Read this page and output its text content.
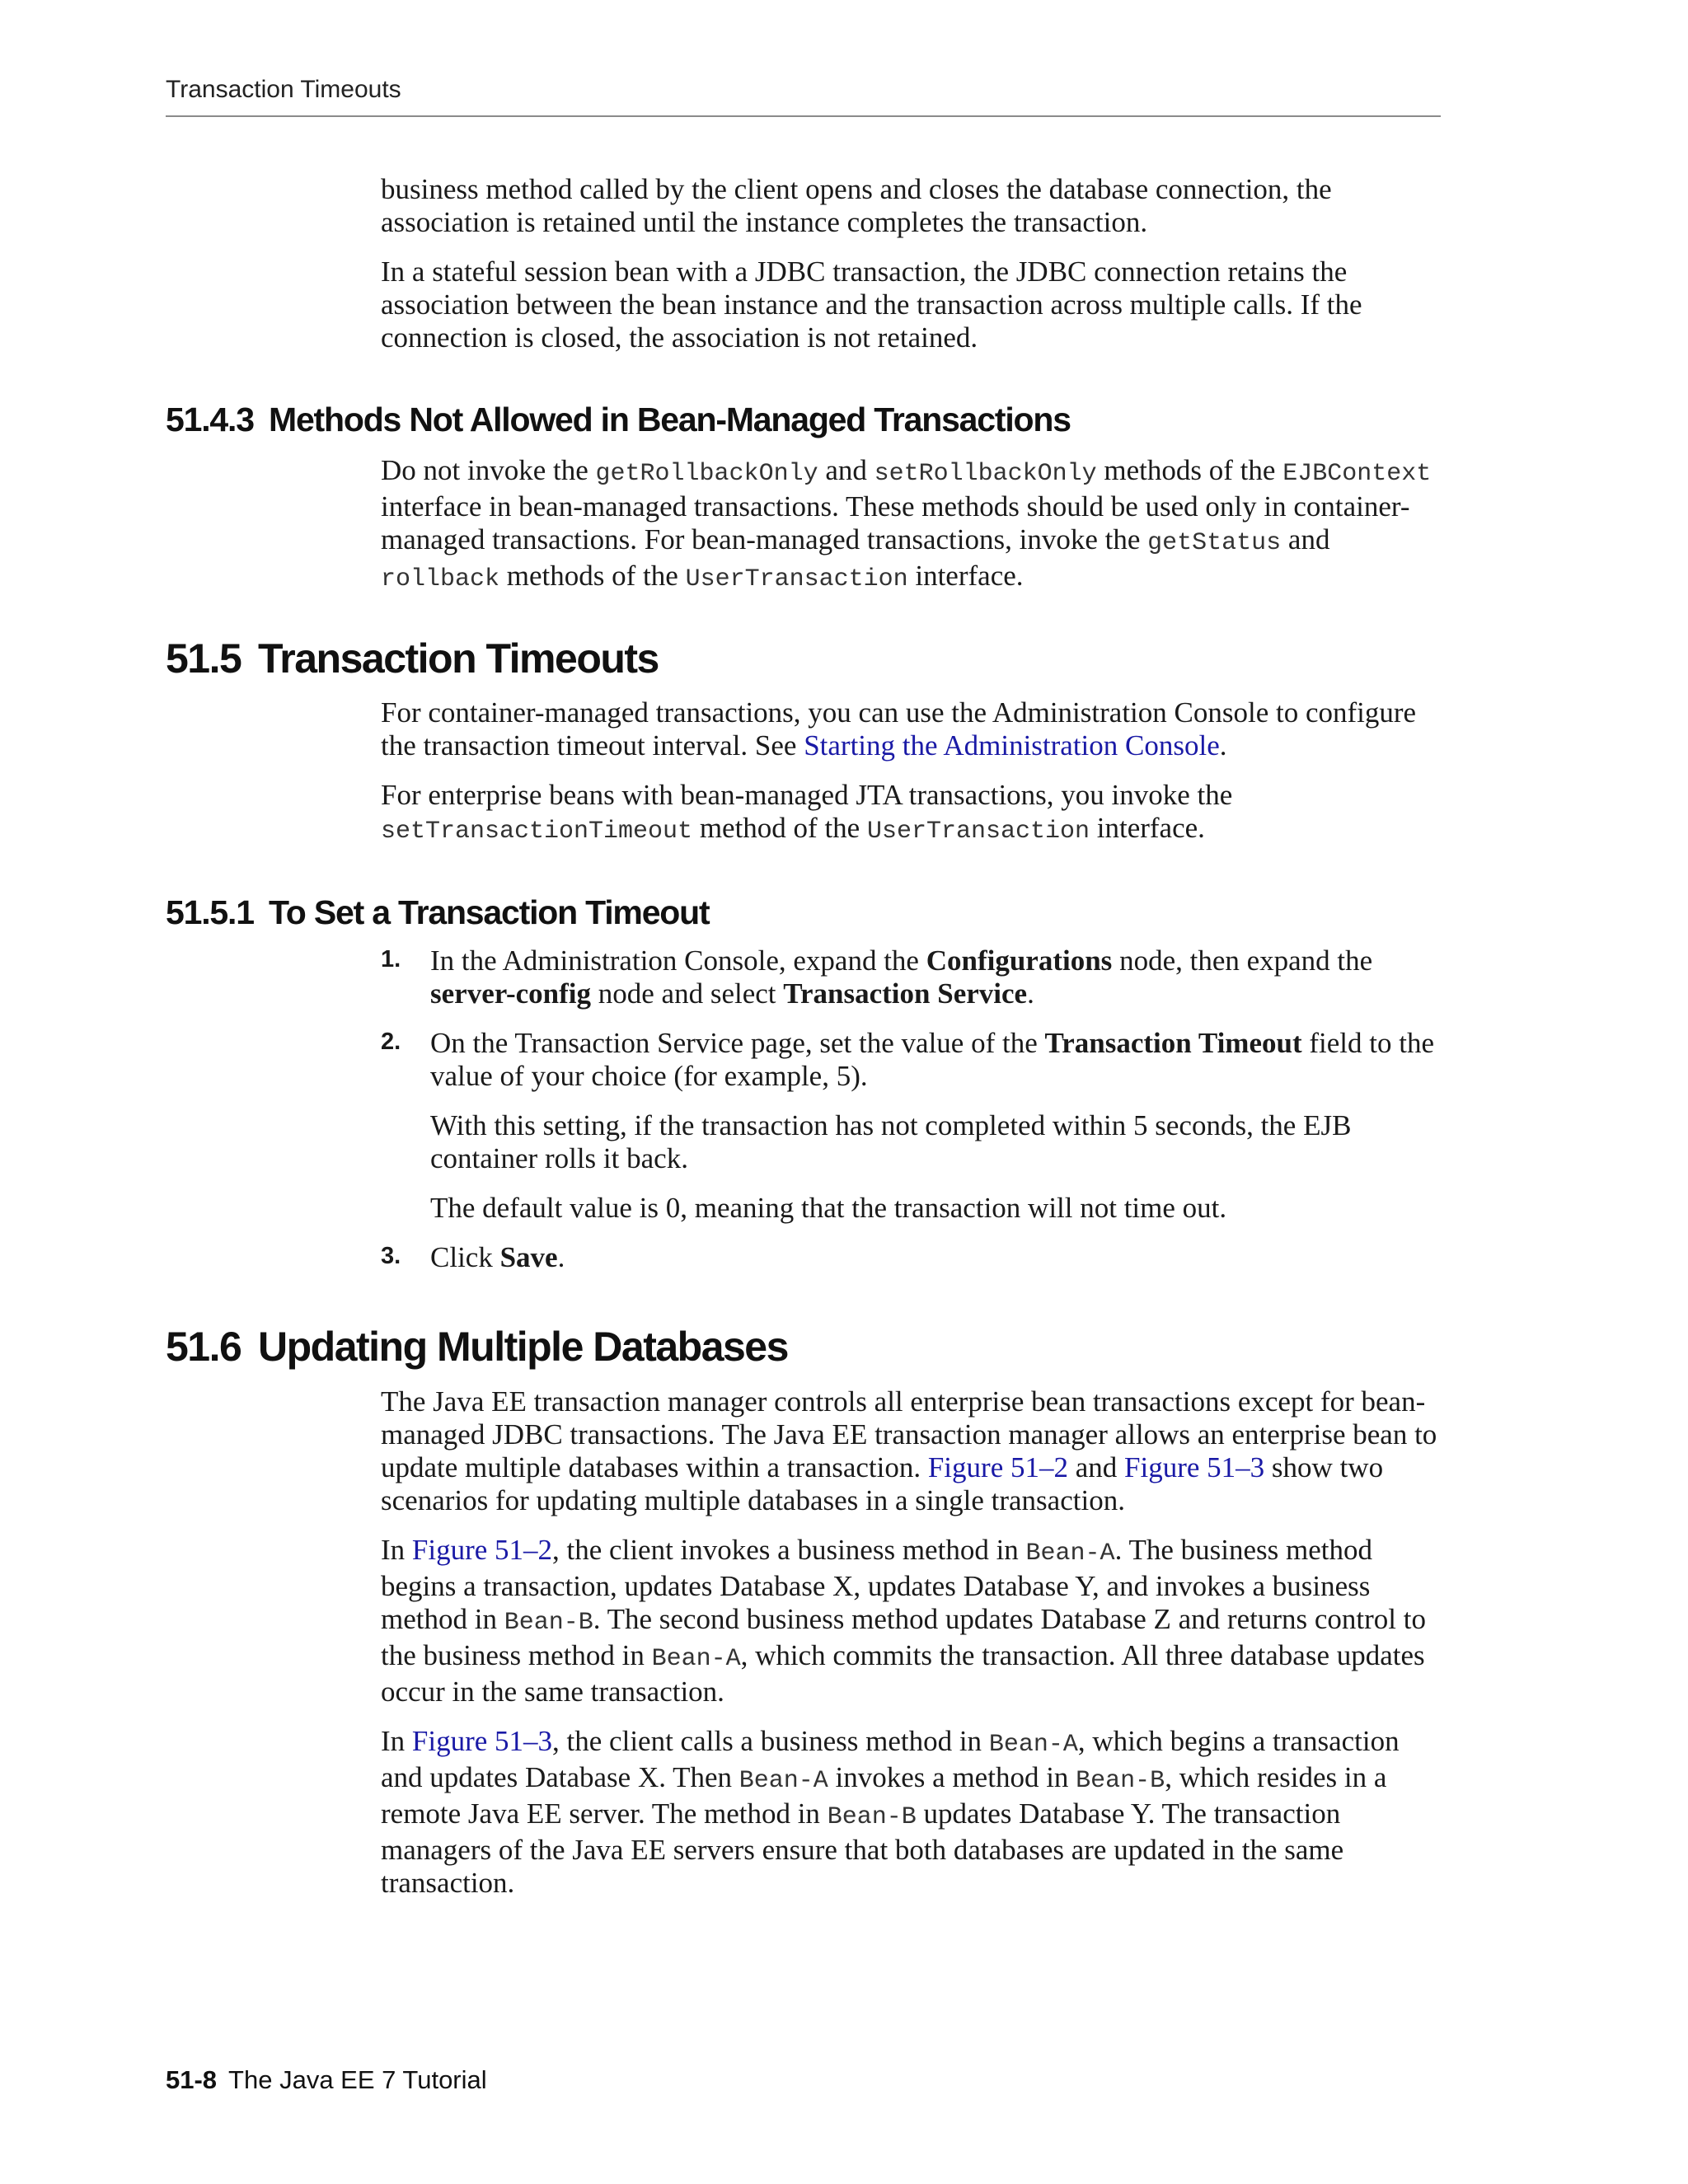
Transaction Timeouts

business method called by the client opens and closes the database connection, the association is retained until the instance completes the transaction.

In a stateful session bean with a JDBC transaction, the JDBC connection retains the association between the bean instance and the transaction across multiple calls. If the connection is closed, the association is not retained.

51.4.3 Methods Not Allowed in Bean-Managed Transactions

Do not invoke the getRollbackOnly and setRollbackOnly methods of the EJBContext interface in bean-managed transactions. These methods should be used only in container-managed transactions. For bean-managed transactions, invoke the getStatus and rollback methods of the UserTransaction interface.

51.5 Transaction Timeouts

For container-managed transactions, you can use the Administration Console to configure the transaction timeout interval. See Starting the Administration Console.

For enterprise beans with bean-managed JTA transactions, you invoke the setTransactionTimeout method of the UserTransaction interface.

51.5.1 To Set a Transaction Timeout
1. In the Administration Console, expand the Configurations node, then expand the server-config node and select Transaction Service.

2. On the Transaction Service page, set the value of the Transaction Timeout field to the value of your choice (for example, 5).

With this setting, if the transaction has not completed within 5 seconds, the EJB container rolls it back.

The default value is 0, meaning that the transaction will not time out.

3. Click Save.

51.6 Updating Multiple Databases

The Java EE transaction manager controls all enterprise bean transactions except for bean-managed JDBC transactions. The Java EE transaction manager allows an enterprise bean to update multiple databases within a transaction. Figure 51–2 and Figure 51–3 show two scenarios for updating multiple databases in a single transaction.

In Figure 51–2, the client invokes a business method in Bean-A. The business method begins a transaction, updates Database X, updates Database Y, and invokes a business method in Bean-B. The second business method updates Database Z and returns control to the business method in Bean-A, which commits the transaction. All three database updates occur in the same transaction.

In Figure 51–3, the client calls a business method in Bean-A, which begins a transaction and updates Database X. Then Bean-A invokes a method in Bean-B, which resides in a remote Java EE server. The method in Bean-B updates Database Y. The transaction managers of the Java EE servers ensure that both databases are updated in the same transaction.

51-8 The Java EE 7 Tutorial
